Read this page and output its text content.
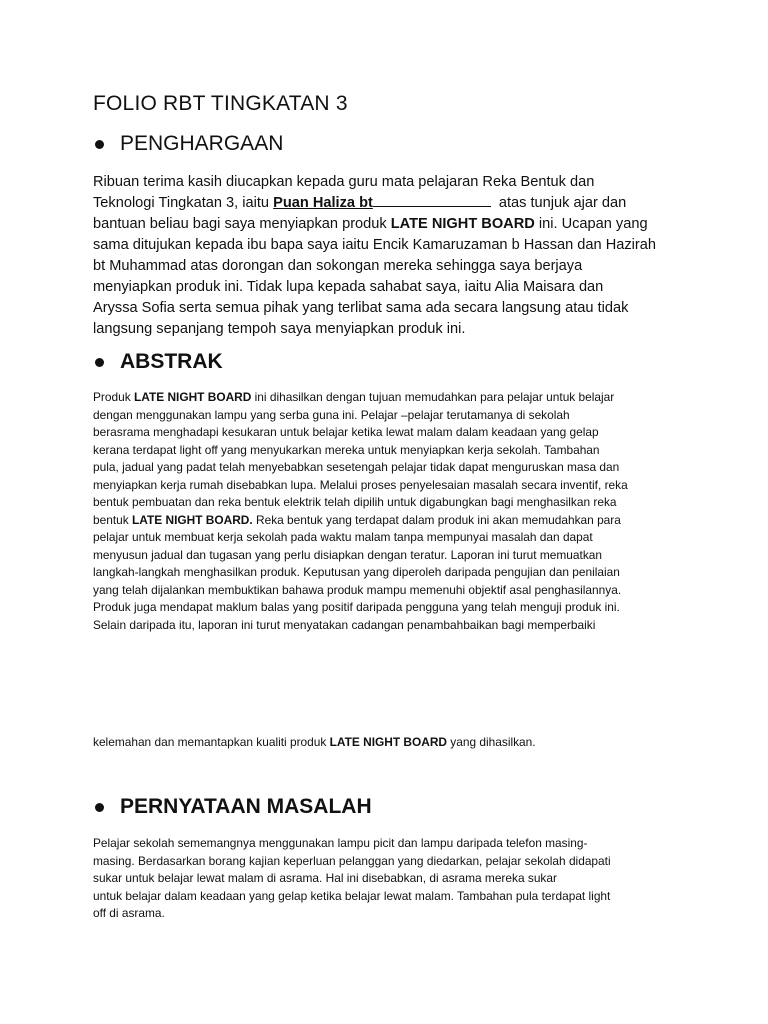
FOLIO RBT TINGKATAN 3
PENGHARGAAN
Ribuan terima kasih diucapkan kepada guru mata pelajaran Reka Bentuk dan
Teknologi Tingkatan 3, iaitu Puan Haliza bt	atas tunjuk ajar dan
bantuan beliau bagi saya menyiapkan produk LATE NIGHT BOARD ini. Ucapan yang
sama ditujukan kepada ibu bapa saya iaitu Encik Kamaruzaman b Hassan dan Hazirah
bt Muhammad atas dorongan dan sokongan mereka sehingga saya berjaya
menyiapkan produk ini. Tidak lupa kepada sahabat saya, iaitu Alia Maisara dan
Aryssa Sofia serta semua pihak yang terlibat sama ada secara langsung atau tidak
langsung sepanjang tempoh saya menyiapkan produk ini.
ABSTRAK
Produk LATE NIGHT BOARD ini dihasilkan dengan tujuan memudahkan para pelajar untuk belajar
dengan menggunakan lampu yang serba guna ini. Pelajar –pelajar terutamanya di sekolah
berasrama menghadapi kesukaran untuk belajar ketika lewat malam dalam keadaan yang gelap
kerana terdapat light off yang menyukarkan mereka untuk menyiapkan kerja sekolah. Tambahan
pula, jadual yang padat telah menyebabkan sesetengah pelajar tidak dapat menguruskan masa dan
menyiapkan kerja rumah disebabkan lupa. Melalui proses penyelesaian masalah secara inventif, reka
bentuk pembuatan dan reka bentuk elektrik telah dipilih untuk digabungkan bagi menghasilkan reka
bentuk LATE NIGHT BOARD. Reka bentuk yang terdapat dalam produk ini akan memudahkan para
pelajar untuk membuat kerja sekolah pada waktu malam tanpa mempunyai masalah dan dapat
menyusun jadual dan tugasan yang perlu disiapkan dengan teratur. Laporan ini turut memuatkan
langkah-langkah menghasilkan produk. Keputusan yang diperoleh daripada pengujian dan penilaian
yang telah dijalankan membuktikan bahawa produk mampu memenuhi objektif asal penghasilannya.
Produk juga mendapat maklum balas yang positif daripada pengguna yang telah menguji produk ini.
Selain daripada itu, laporan ini turut menyatakan cadangan penambahbaikan bagi memperbaiki
kelemahan dan memantapkan kualiti produk LATE NIGHT BOARD yang dihasilkan.
PERNYATAAN MASALAH
Pelajar sekolah sememangnya menggunakan lampu picit dan lampu daripada telefon masing-
masing. Berdasarkan borang kajian keperluan pelanggan yang diedarkan, pelajar sekolah didapati
sukar untuk belajar lewat malam di asrama. Hal ini disebabkan, di asrama mereka sukar
untuk belajar dalam keadaan yang gelap ketika belajar lewat malam. Tambahan pula terdapat light
off di asrama.
